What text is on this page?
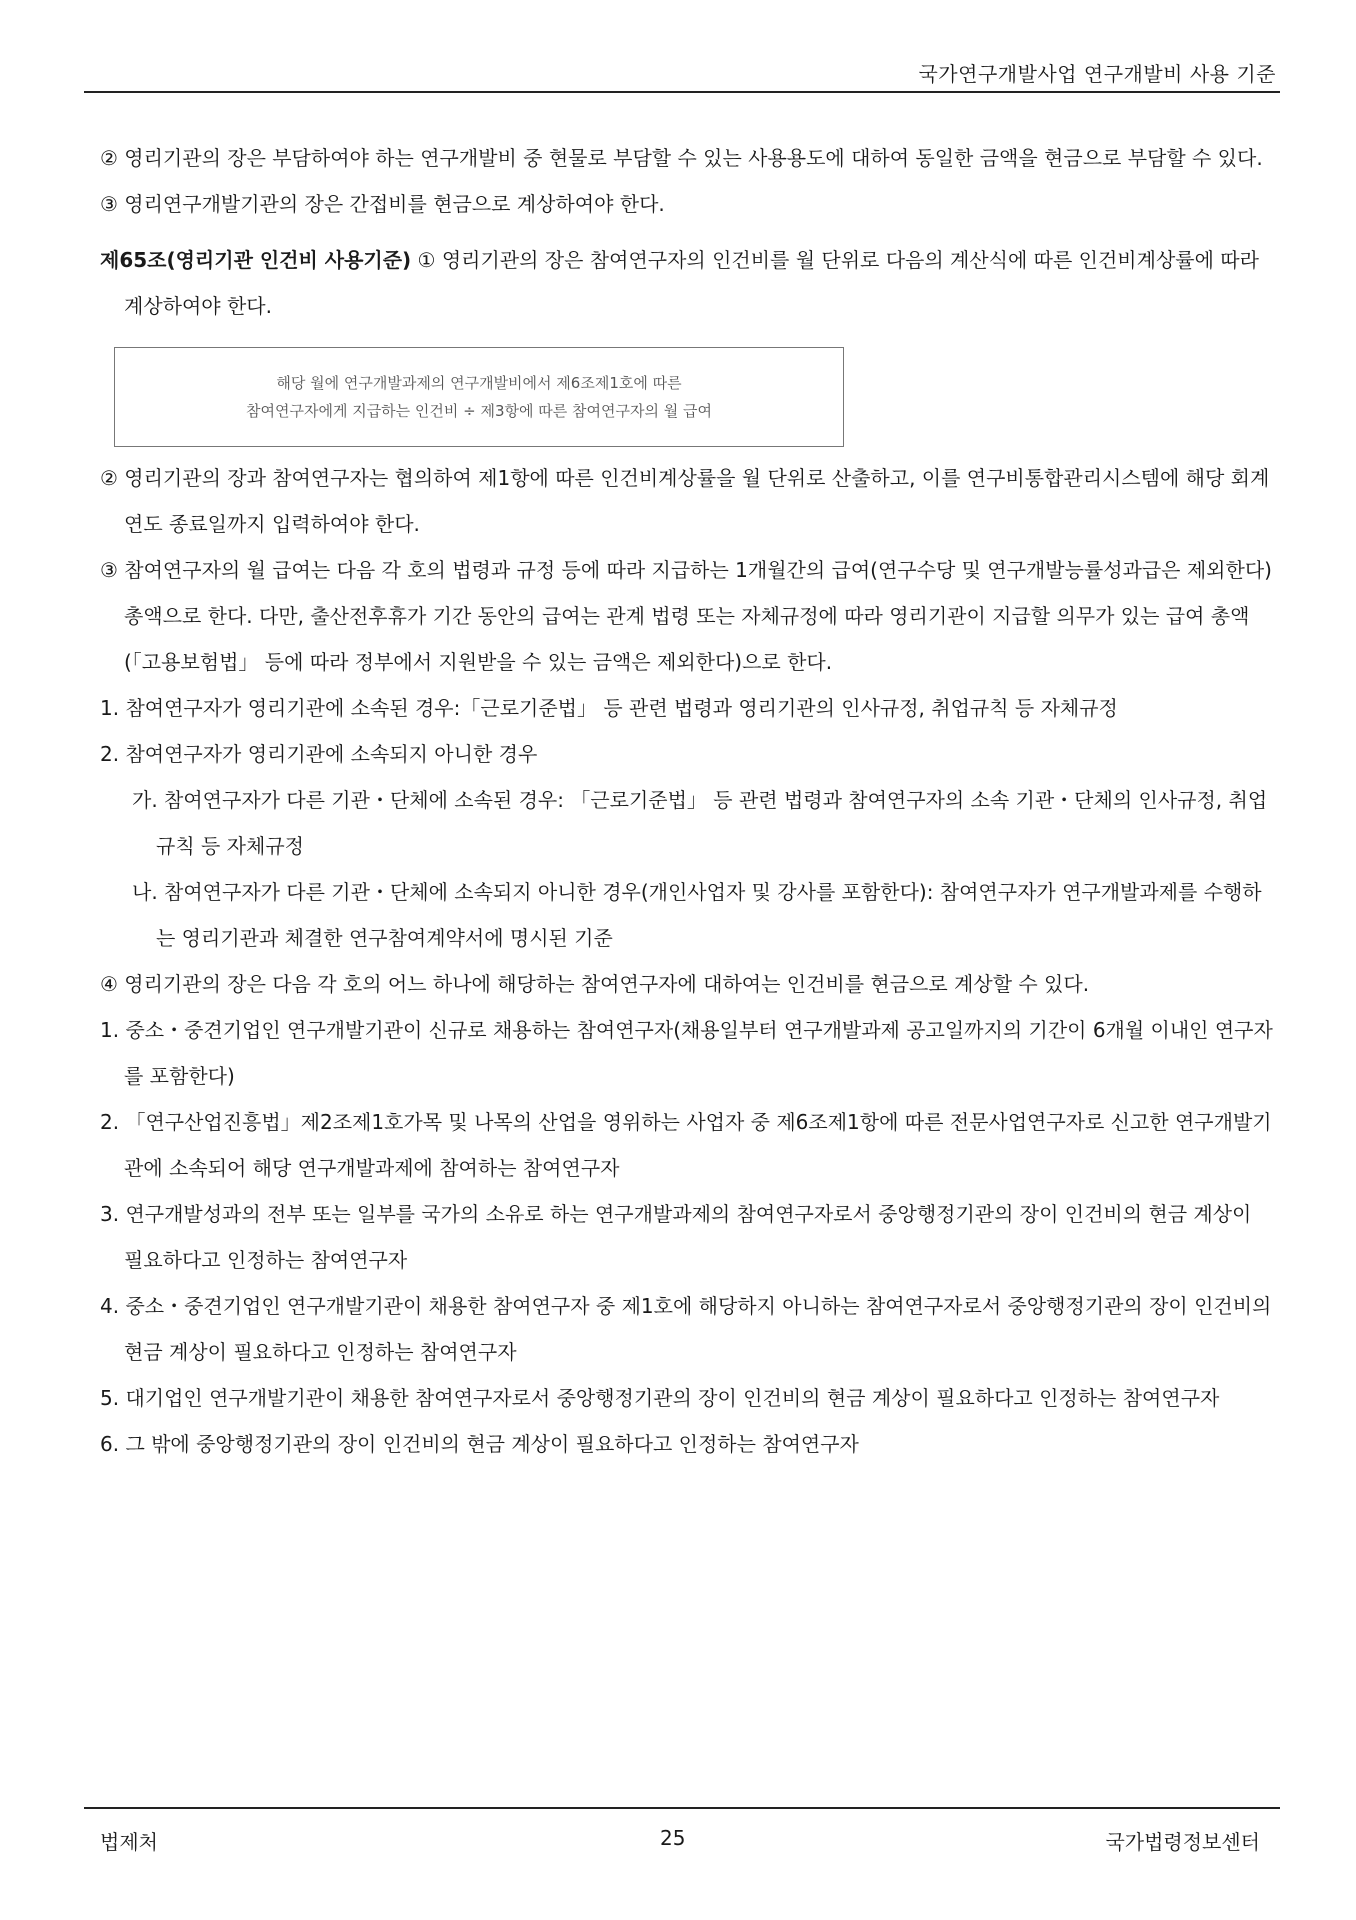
국가연구개발사업 연구개발비 사용 기준

② 영리기관의 장은 부담하여야 하는 연구개발비 중 현물로 부담할 수 있는 사용용도에 대하여 동일한 금액을 현금으로 부담할 수 있다.

③ 영리연구개발기관의 장은 간접비를 현금으로 계상하여야 한다.

제65조(영리기관 인건비 사용기준) ① 영리기관의 장은 참여연구자의 인건비를 월 단위로 다음의 계산식에 따른 인건비계상률에 따라 계상하여야 한다.

해당 월에 연구개발과제의 연구개발비에서 제6조제1호에 따른
참여연구자에게 지급하는 인건비 ÷ 제3항에 따른 참여연구자의 월 급여

② 영리기관의 장과 참여연구자는 협의하여 제1항에 따른 인건비계상률을 월 단위로 산출하고, 이를 연구비통합관리시스템에 해당 회계연도 종료일까지 입력하여야 한다.

③ 참여연구자의 월 급여는 다음 각 호의 법령과 규정 등에 따라 지급하는 1개월간의 급여(연구수당 및 연구개발능률성과급은 제외한다) 총액으로 한다. 다만, 출산전후휴가 기간 동안의 급여는 관계 법령 또는 자체규정에 따라 영리기관이 지급할 의무가 있는 급여 총액(「고용보험법」 등에 따라 정부에서 지원받을 수 있는 금액은 제외한다)으로 한다.

1. 참여연구자가 영리기관에 소속된 경우:「근로기준법」 등 관련 법령과 영리기관의 인사규정, 취업규칙 등 자체규정

2. 참여연구자가 영리기관에 소속되지 아니한 경우

가. 참여연구자가 다른 기관・단체에 소속된 경우: 「근로기준법」 등 관련 법령과 참여연구자의 소속 기관・단체의 인사규정, 취업규칙 등 자체규정

나. 참여연구자가 다른 기관・단체에 소속되지 아니한 경우(개인사업자 및 강사를 포함한다): 참여연구자가 연구개발과제를 수행하는 영리기관과 체결한 연구참여계약서에 명시된 기준

④ 영리기관의 장은 다음 각 호의 어느 하나에 해당하는 참여연구자에 대하여는 인건비를 현금으로 계상할 수 있다.

1. 중소・중견기업인 연구개발기관이 신규로 채용하는 참여연구자(채용일부터 연구개발과제 공고일까지의 기간이 6개월 이내인 연구자를 포함한다)

2. 「연구산업진흥법」제2조제1호가목 및 나목의 산업을 영위하는 사업자 중 제6조제1항에 따른 전문사업연구자로 신고한 연구개발기관에 소속되어 해당 연구개발과제에 참여하는 참여연구자

3. 연구개발성과의 전부 또는 일부를 국가의 소유로 하는 연구개발과제의 참여연구자로서 중앙행정기관의 장이 인건비의 현금 계상이 필요하다고 인정하는 참여연구자

4. 중소・중견기업인 연구개발기관이 채용한 참여연구자 중 제1호에 해당하지 아니하는 참여연구자로서 중앙행정기관의 장이 인건비의 현금 계상이 필요하다고 인정하는 참여연구자

5. 대기업인 연구개발기관이 채용한 참여연구자로서 중앙행정기관의 장이 인건비의 현금 계상이 필요하다고 인정하는 참여연구자

6. 그 밖에 중앙행정기관의 장이 인건비의 현금 계상이 필요하다고 인정하는 참여연구자

법제처	25	국가법령정보센터
